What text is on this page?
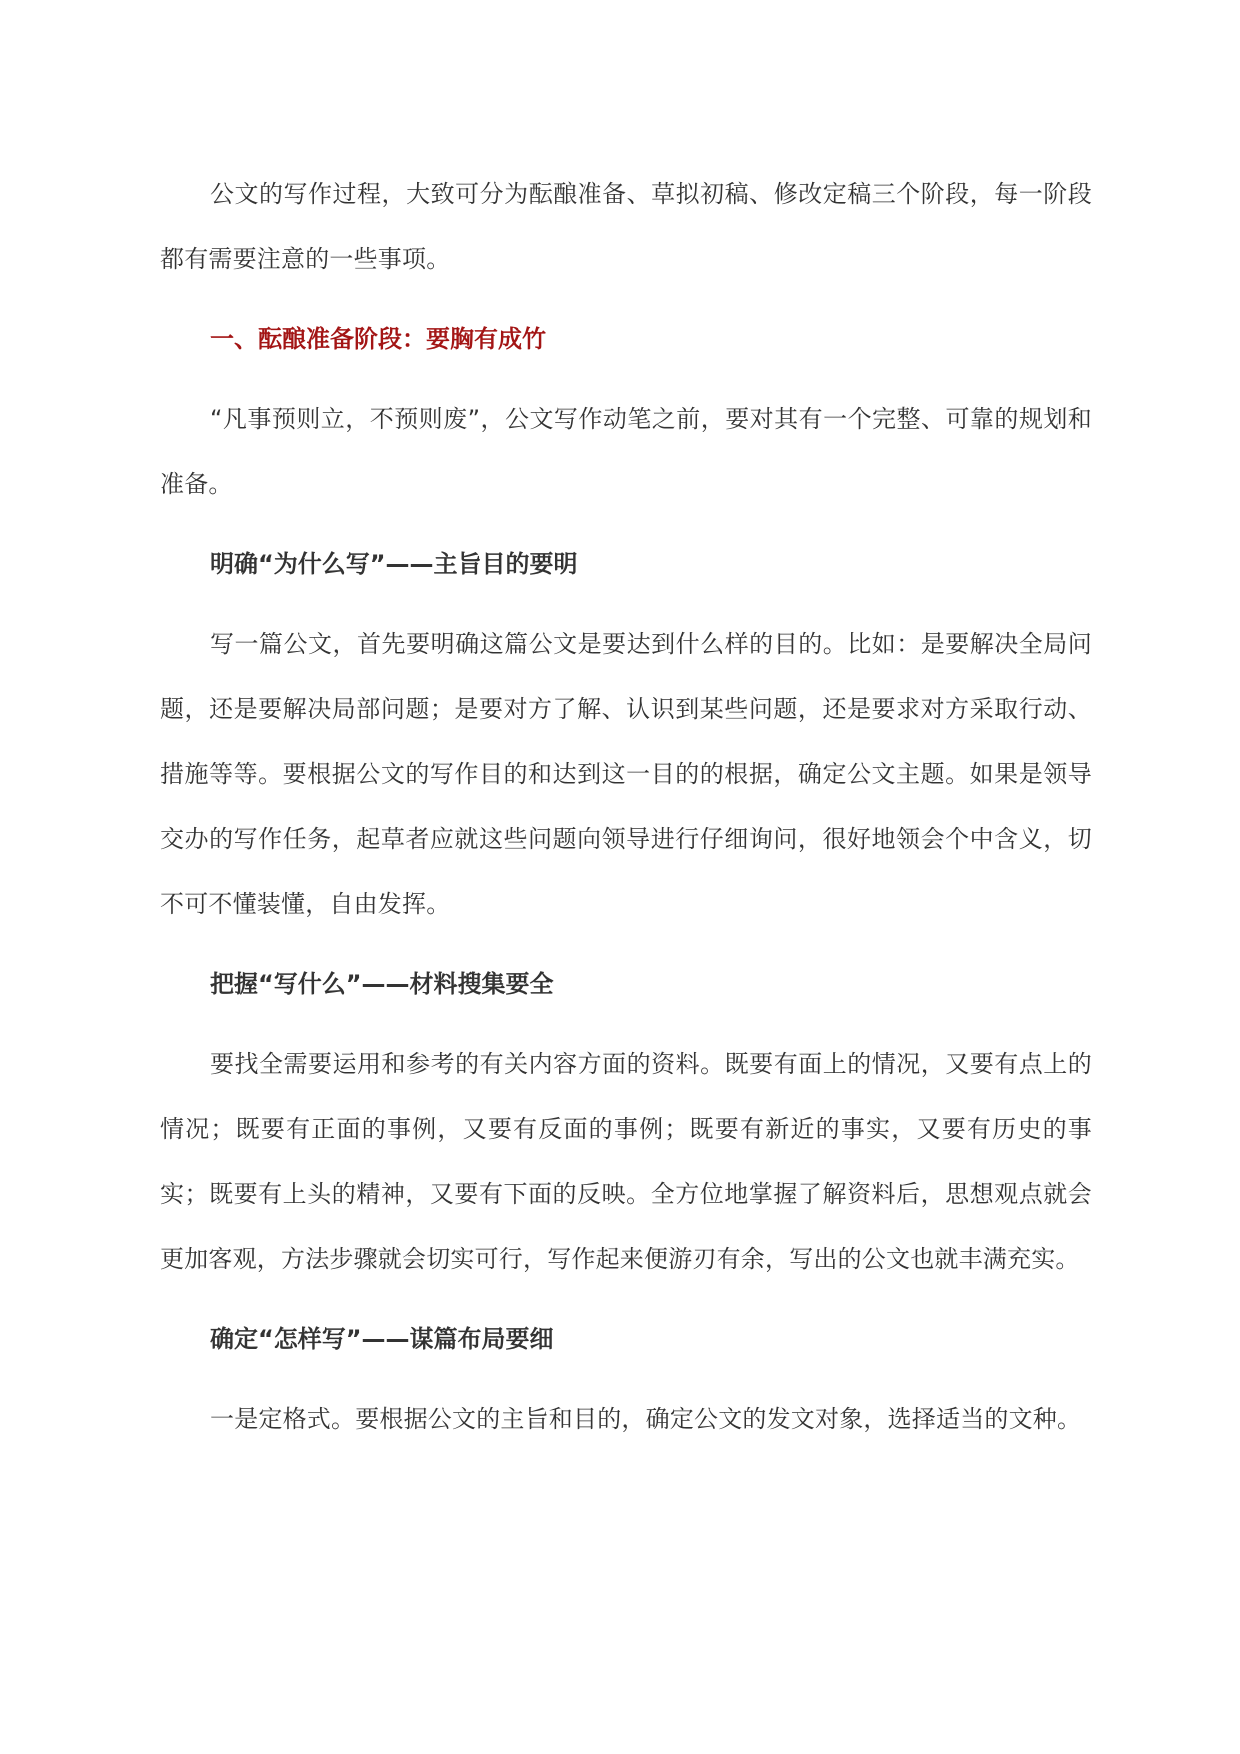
公文的写作过程，大致可分为酝酿准备、草拟初稿、修改定稿三个阶段，每一阶段都有需要注意的一些事项。

一、酝酿准备阶段：要胸有成竹

“凡事预则立，不预则废”，公文写作动笔之前，要对其有一个完整、可靠的规划和准备。

明确“为什么写”——主旨目的要明

写一篇公文，首先要明确这篇公文是要达到什么样的目的。比如：是要解决全局问题，还是要解决局部问题；是要对方了解、认识到某些问题，还是要求对方采取行动、措施等等。要根据公文的写作目的和达到这一目的的根据，确定公文主题。如果是领导交办的写作任务，起草者应就这些问题向领导进行仔细询问，很好地领会个中含义，切不可不懂装懂，自由发挥。

把握“写什么”——材料搜集要全

要找全需要运用和参考的有关内容方面的资料。既要有面上的情况，又要有点上的情况；既要有正面的事例，又要有反面的事例；既要有新近的事实，又要有历史的事实；既要有上头的精神，又要有下面的反映。全方位地掌握了解资料后，思想观点就会更加客观，方法步骤就会切实可行，写作起来便游刃有余，写出的公文也就丰满充实。

确定“怎样写”——谋篇布局要细

一是定格式。要根据公文的主旨和目的，确定公文的发文对象，选择适当的文种。
